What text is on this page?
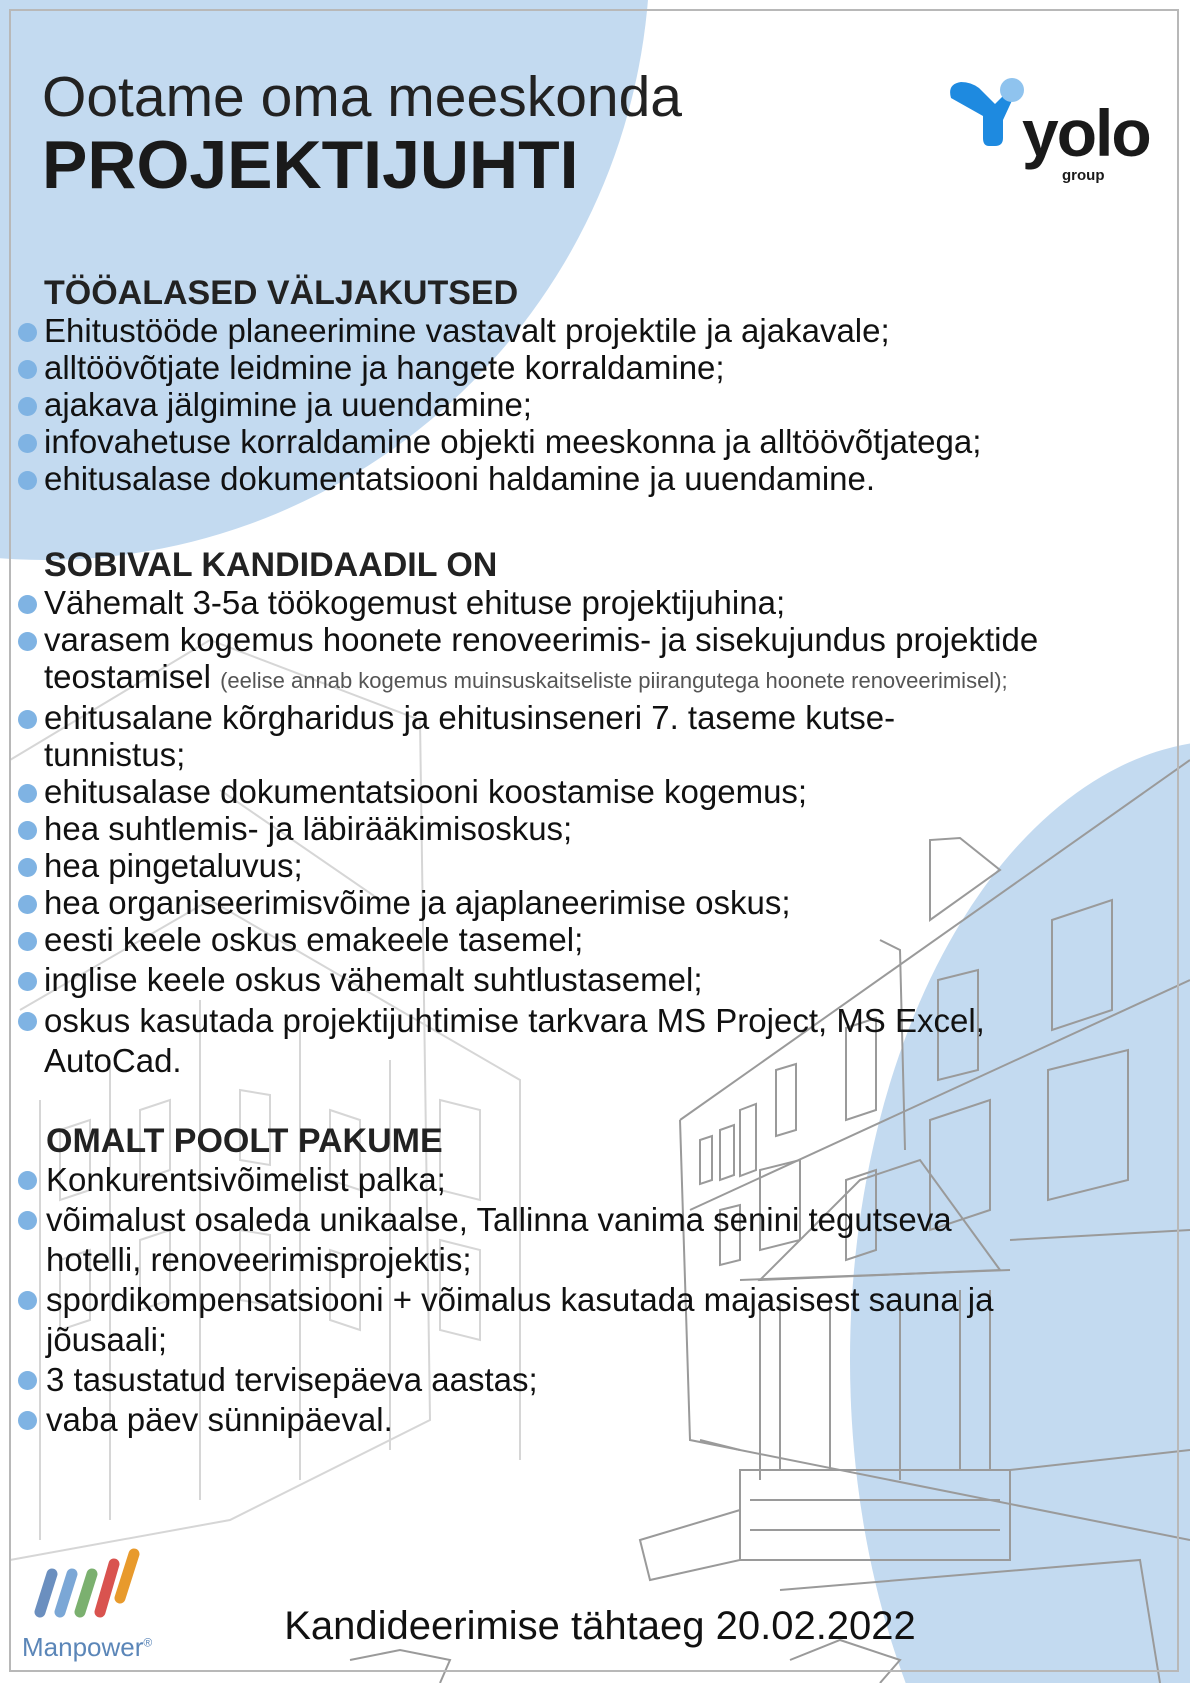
Ootame oma meeskonda
PROJEKTIJUHTI	yolo
group
TÖÖALASED VÄLJAKUTSED
Ehitustööde planeerimine vastavalt projektile ja ajakavale;
alltöövõtjate leidmine ja hangete korraldamine;
ajakava jälgimine ja uuendamine;
infovahetuse korraldamine objekti meeskonna ja alltöövõtjatega;
ehitusalase dokumentatsiooni haldamine ja uuendamine.
SOBIVAL KANDIDAADIL ON
Vähemalt 3-5a töökogemust ehituse projektijuhina;
varasem kogemus hoonete renoveerimis- ja sisekujundus projektide teostamisel (eelise annab kogemus muinsuskaitseliste piirangutega hoonete renoveerimisel);
ehitusalane kõrgharidus ja ehitusinseneri 7. taseme kutse-tunnistus;
ehitusalase dokumentatsiooni koostamise kogemus;
hea suhtlemis- ja läbirääkimisoskus;
hea pingetaluvus;
hea organiseerimisvõime ja ajaplaneerimise oskus;
eesti keele oskus emakeele tasemel;
inglise keele oskus vähemalt suhtlustasemel;
oskus kasutada projektijuhtimise tarkvara MS Project, MS Excel, AutoCad.
OMALT POOLT PAKUME
Konkurentsivõimelist palka;
võimalust osaleda unikaalse, Tallinna vanima senini tegutseva hotelli, renoveerimisprojektis;
spordikompensatsiooni + võimalus kasutada majasisest sauna ja jõusaali;
3 tasustatud tervisepäeva aastas;
vaba päev sünnipäeval.
Manpower®	Kandideerimise tähtaeg 20.02.2022
